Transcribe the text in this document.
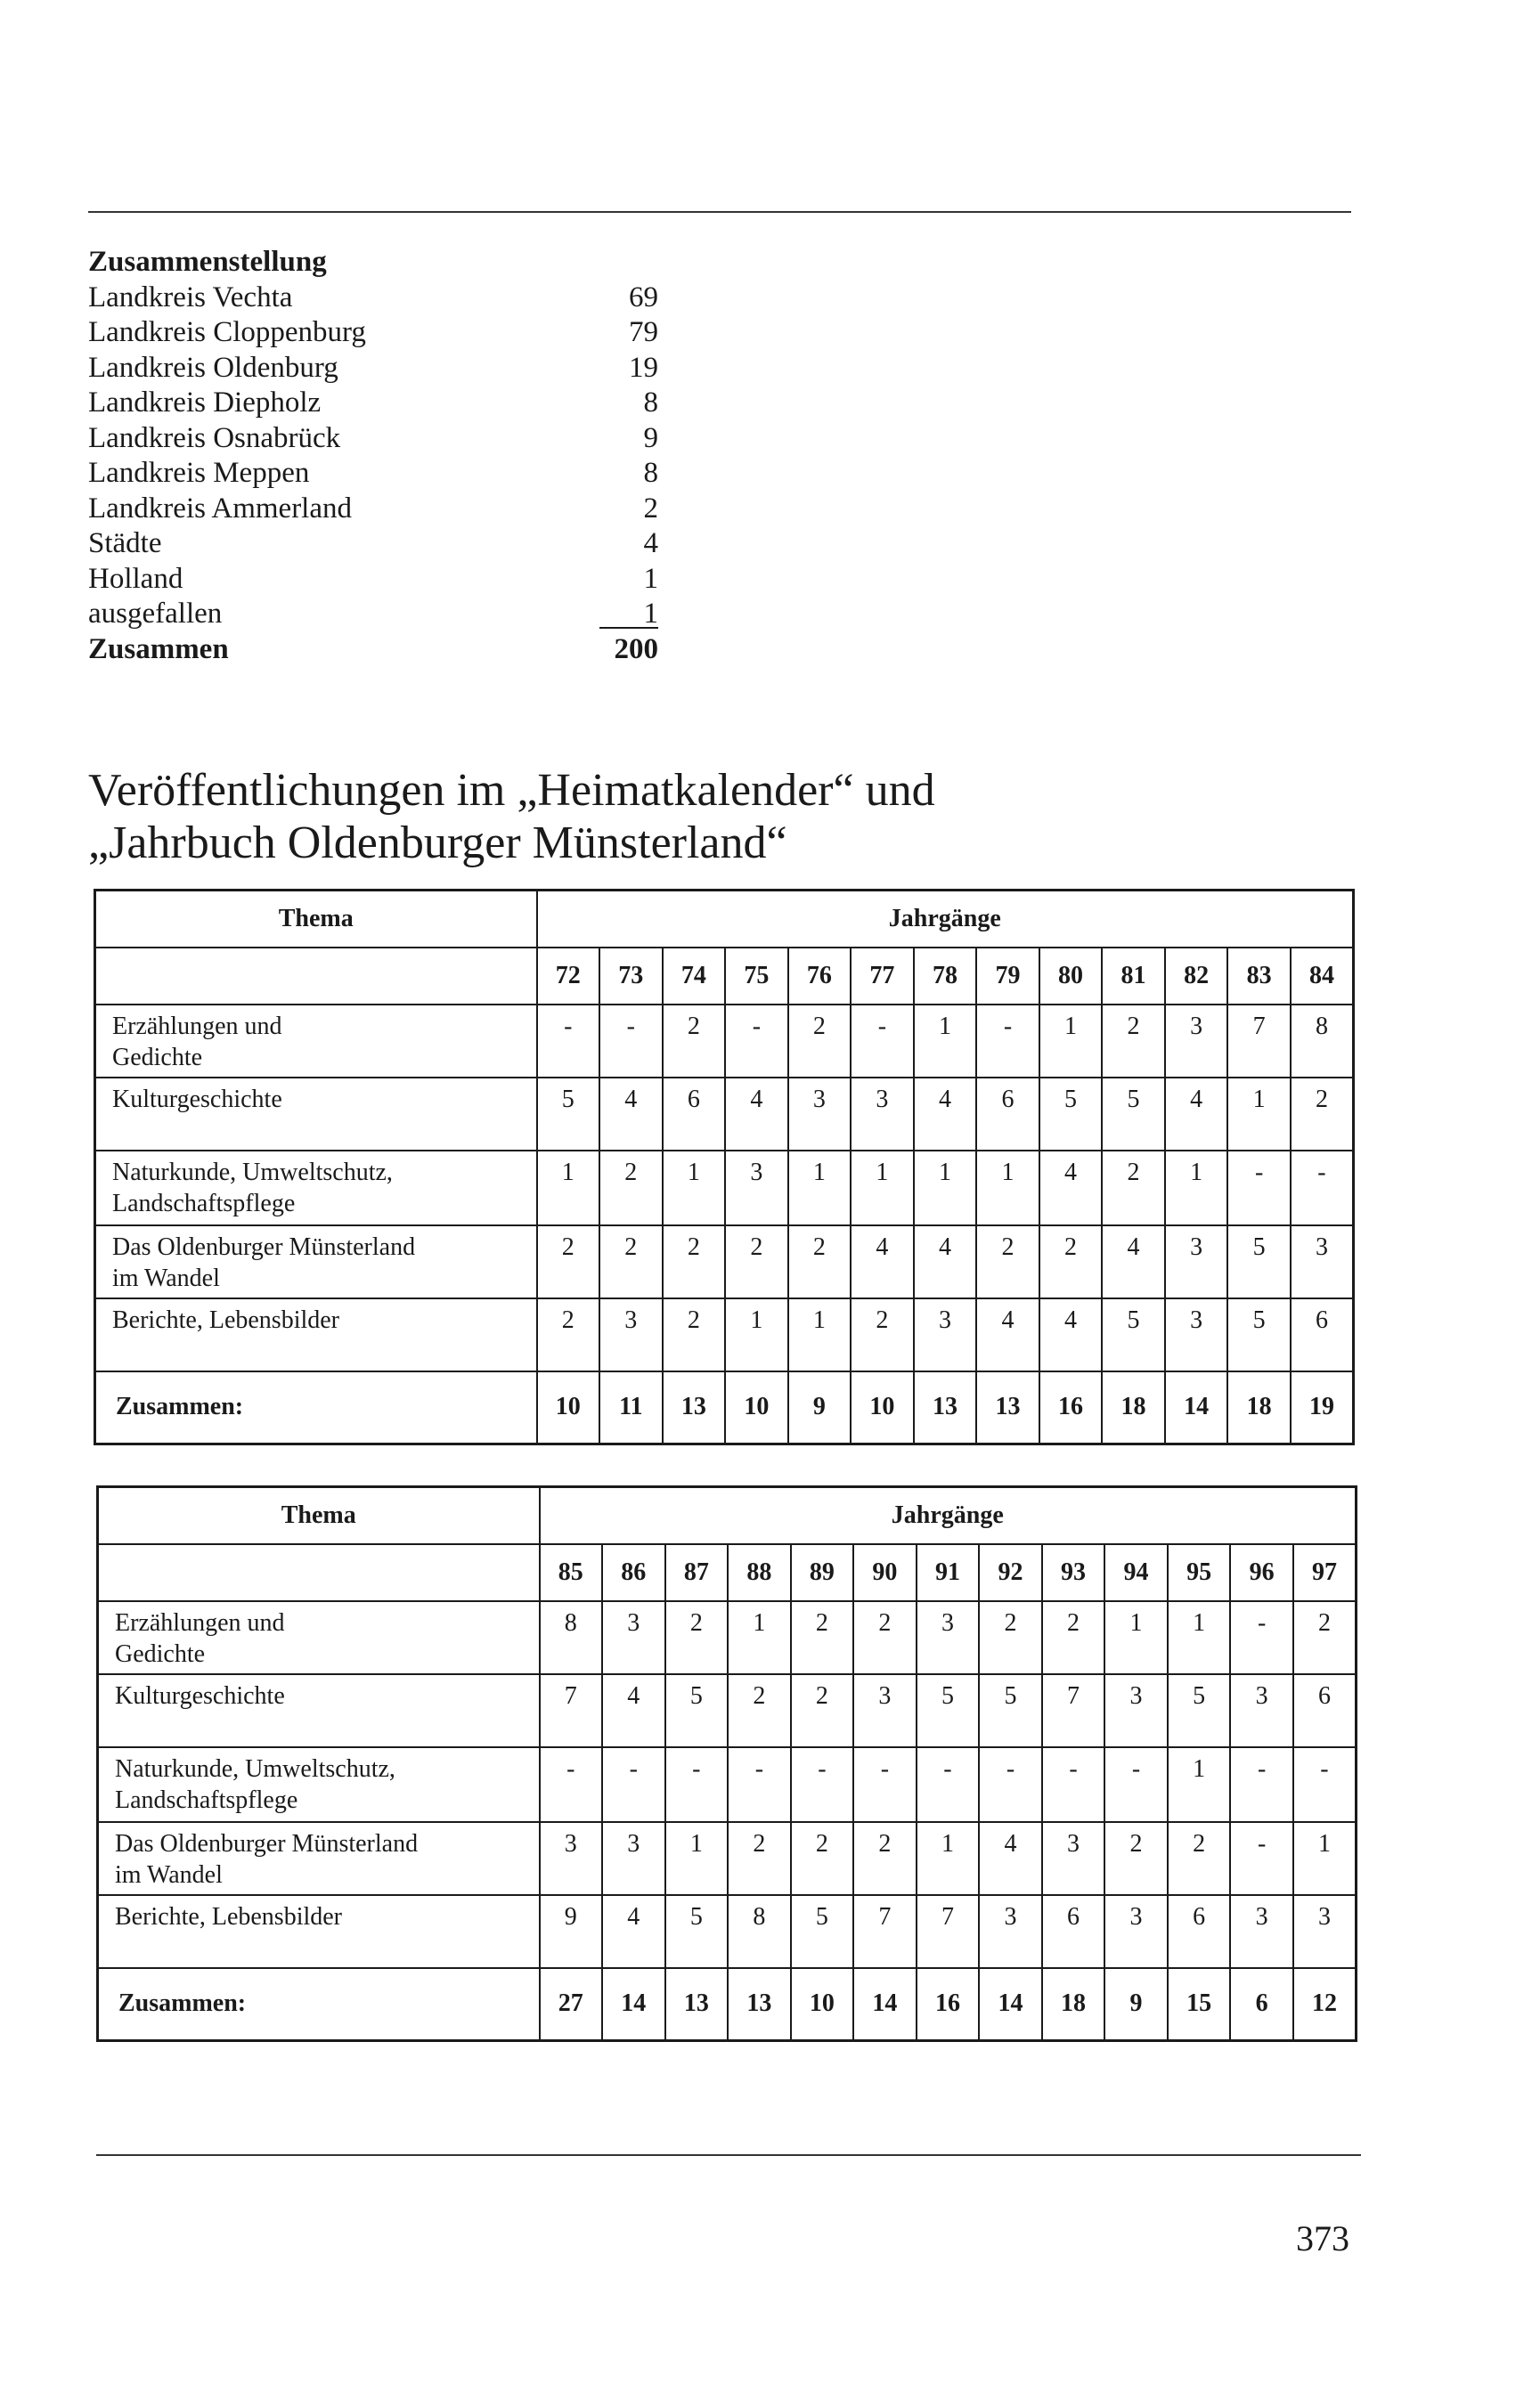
Zusammenstellung
Landkreis Vechta	69
Landkreis Cloppenburg	79
Landkreis Oldenburg	19
Landkreis Diepholz	8
Landkreis Osnabrück	9
Landkreis Meppen	8
Landkreis Ammerland	2
Städte	4
Holland	1
ausgefallen	1
Zusammen	200
Veröffentlichungen im „Heimatkalender“ und
„Jahrbuch Oldenburger Münsterland“
Thema	Jahrgänge												
	72	73	74	75	76	77	78	79	80	81	82	83	84

Erzählungen und
Gedichte	-	-	2	-	2	-	1	-	1	2	3	7	8

Kulturgeschichte	5	4	6	4	3	3	4	6	5	5	4	1	2

Naturkunde, Umweltschutz,
Landschaftspflege	1	2	1	3	1	1	1	1	4	2	1	-	-

Das Oldenburger Münsterland
im Wandel	2	2	2	2	2	4	4	2	2	4	3	5	3

Berichte, Lebensbilder	2	3	2	1	1	2	3	4	4	5	3	5	6
Zusammen:	10	11	13	10	9	10	13	13	16	18	14	18	19
Thema	Jahrgänge												
	85	86	87	88	89	90	91	92	93	94	95	96	97

Erzählungen und
Gedichte	8	3	2	1	2	2	3	2	2	1	1	-	2

Kulturgeschichte	7	4	5	2	2	3	5	5	7	3	5	3	6

Naturkunde, Umweltschutz,
Landschaftspflege	-	-	-	-	-	-	-	-	-	-	1	-	-

Das Oldenburger Münsterland
im Wandel	3	3	1	2	2	2	1	4	3	2	2	-	1

Berichte, Lebensbilder	9	4	5	8	5	7	7	3	6	3	6	3	3
Zusammen:	27	14	13	13	10	14	16	14	18	9	15	6	12
373
